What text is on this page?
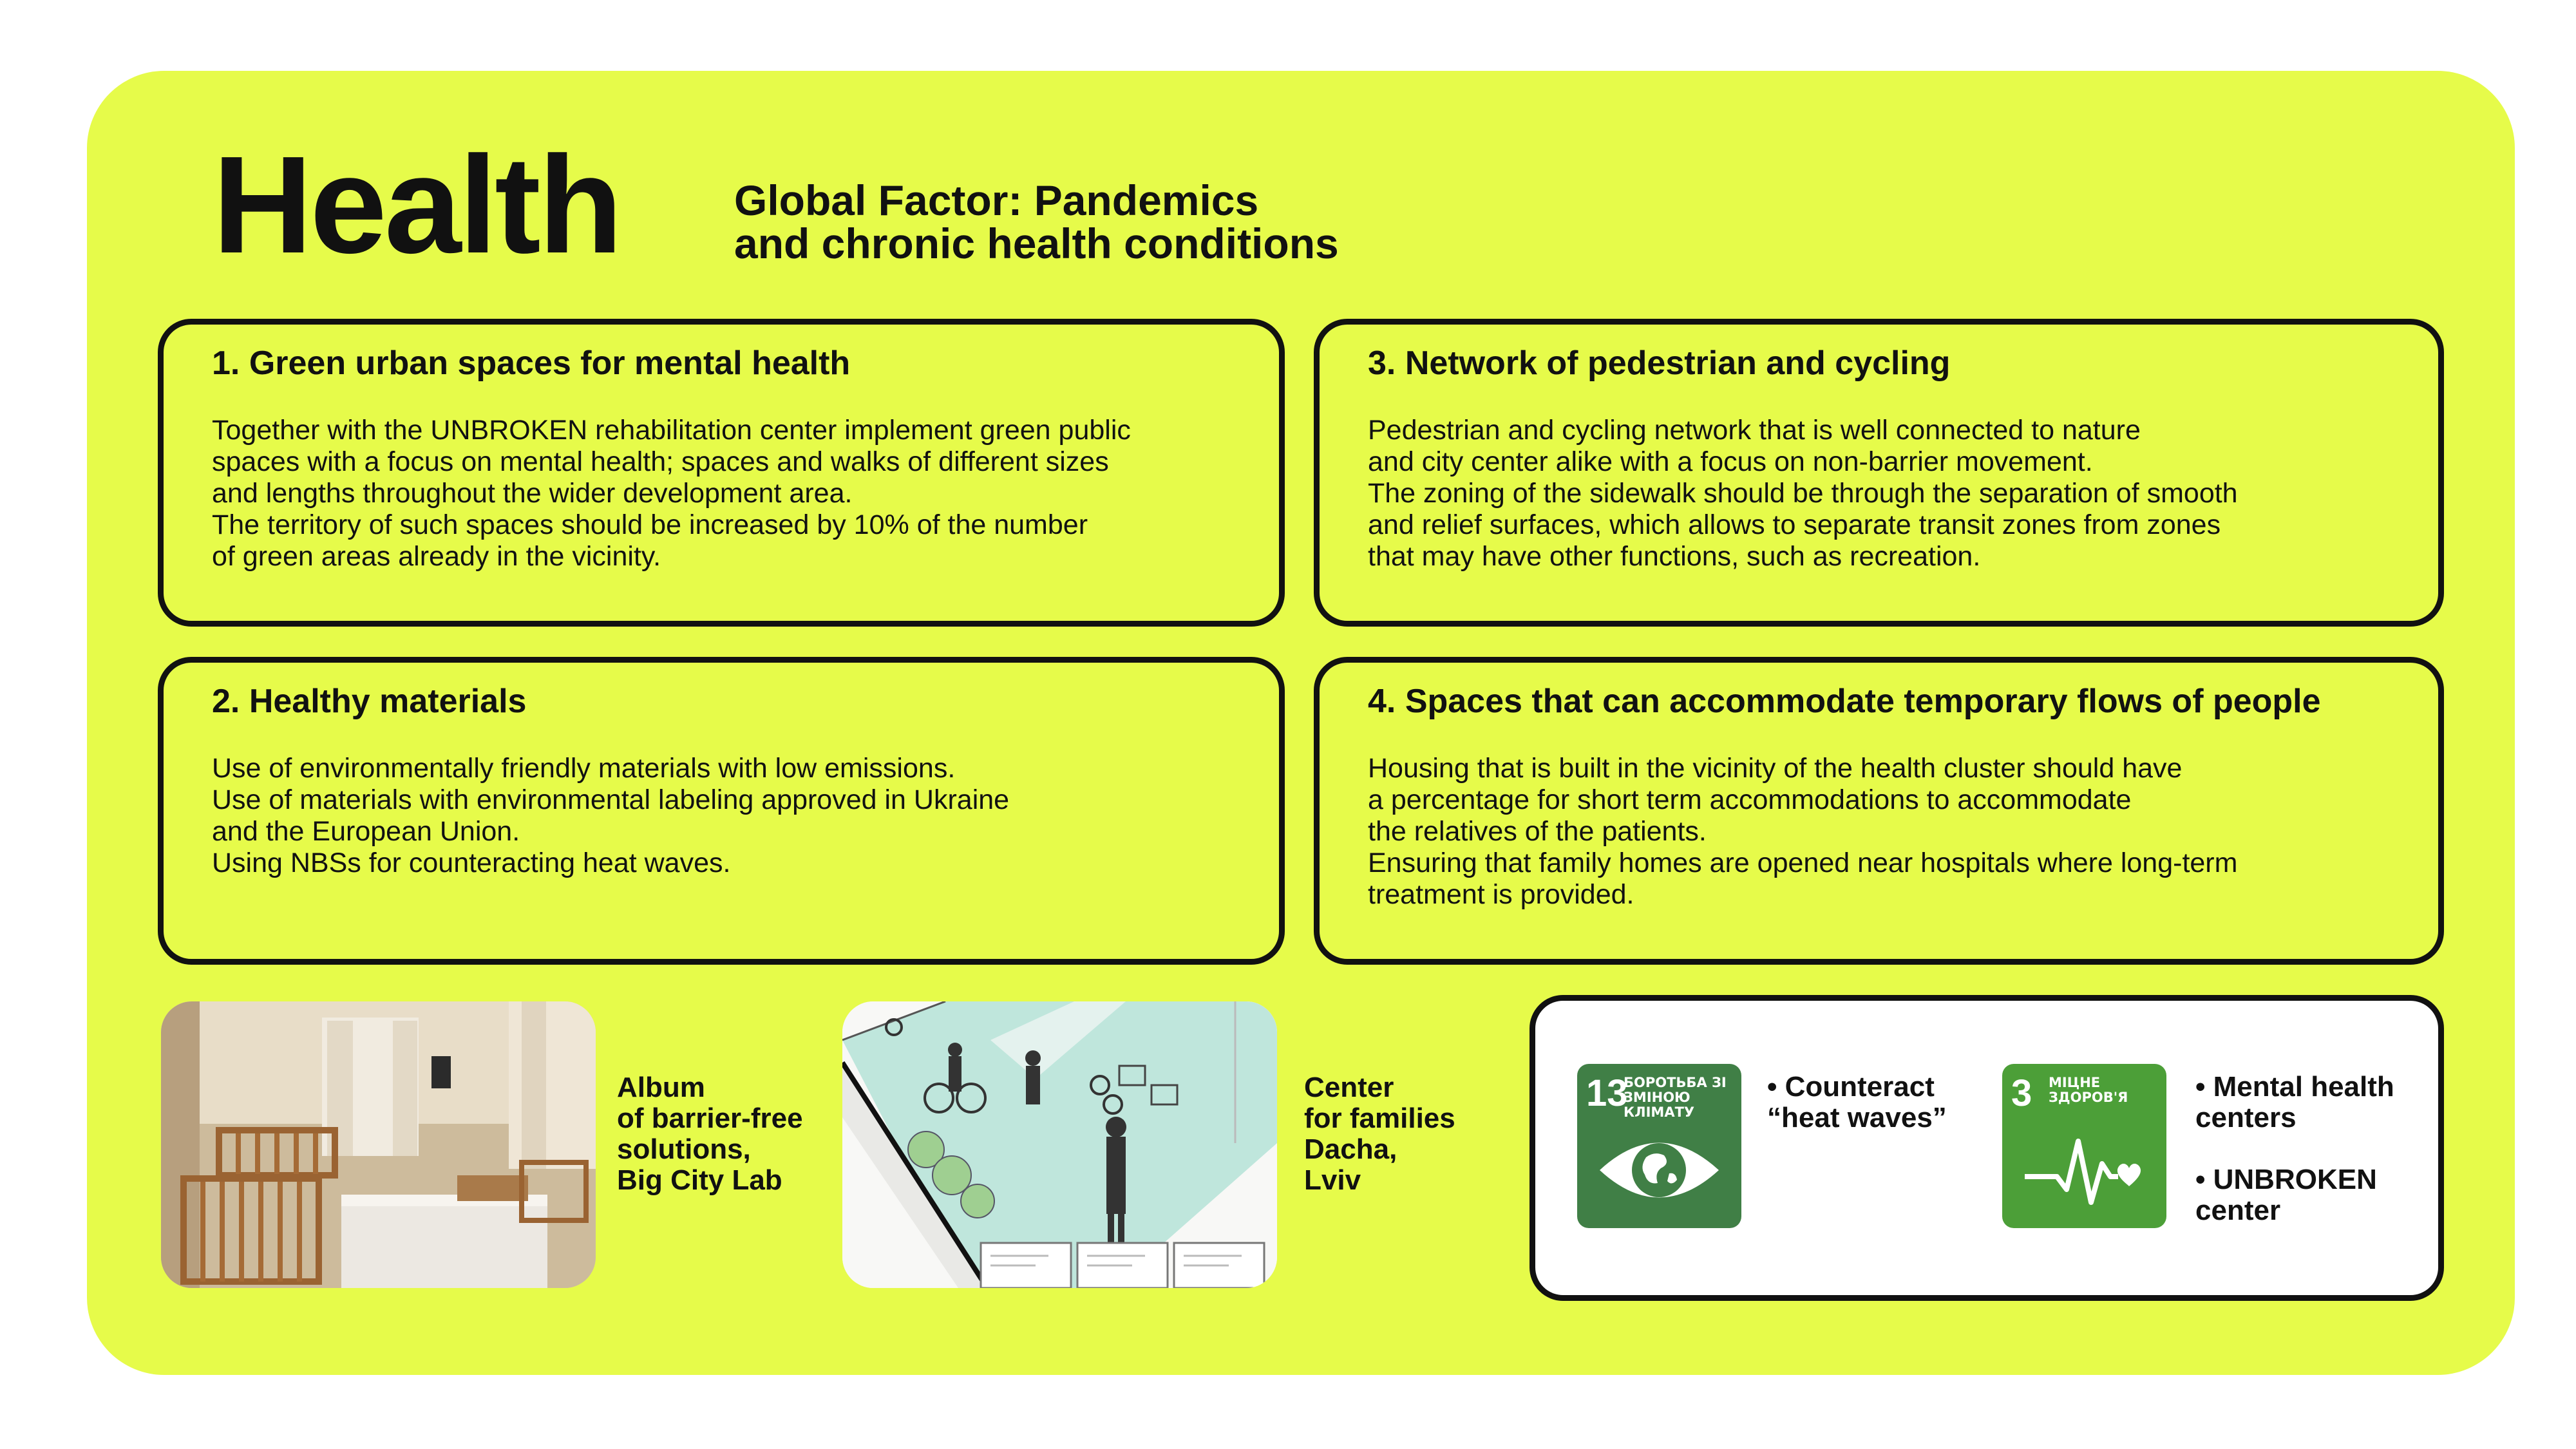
Health	Global Factor: Pandemics
and chronic health conditions
1. Green urban spaces for mental health
Together with the UNBROKEN rehabilitation center implement green public
spaces with a focus on mental health; spaces and walks of different sizes
and lengths throughout the wider development area.
The territory of such spaces should be increased by 10% of the number
of green areas already in the vicinity.
3. Network of pedestrian and cycling
Pedestrian and cycling network that is well connected to nature
and city center alike with a focus on non-barrier movement.
The zoning of the sidewalk should be through the separation of smooth
and relief surfaces, which allows to separate transit zones from zones
that may have other functions, such as recreation.
2. Healthy materials
Use of environmentally friendly materials with low emissions.
Use of materials with environmental labeling approved in Ukraine
and the European Union.
Using NBSs for counteracting heat waves.
4. Spaces that can accommodate temporary flows of people
Housing that is built in the vicinity of the health cluster should have
a percentage for short term accommodations to accommodate
the relatives of the patients.
Ensuring that family homes are opened near hospitals where long-term
treatment is provided.
Album
of barrier-free
solutions,
Big City Lab
Center
for families
Dacha,
Lviv
13
БОРОТЬБА ЗІ
ЗМІНОЮ КЛІМАТУ
• Counteract
“heat waves”
3 МІЦНЕ
ЗДОРОВ'Я • Mental health
centers
• UNBROKEN
center
